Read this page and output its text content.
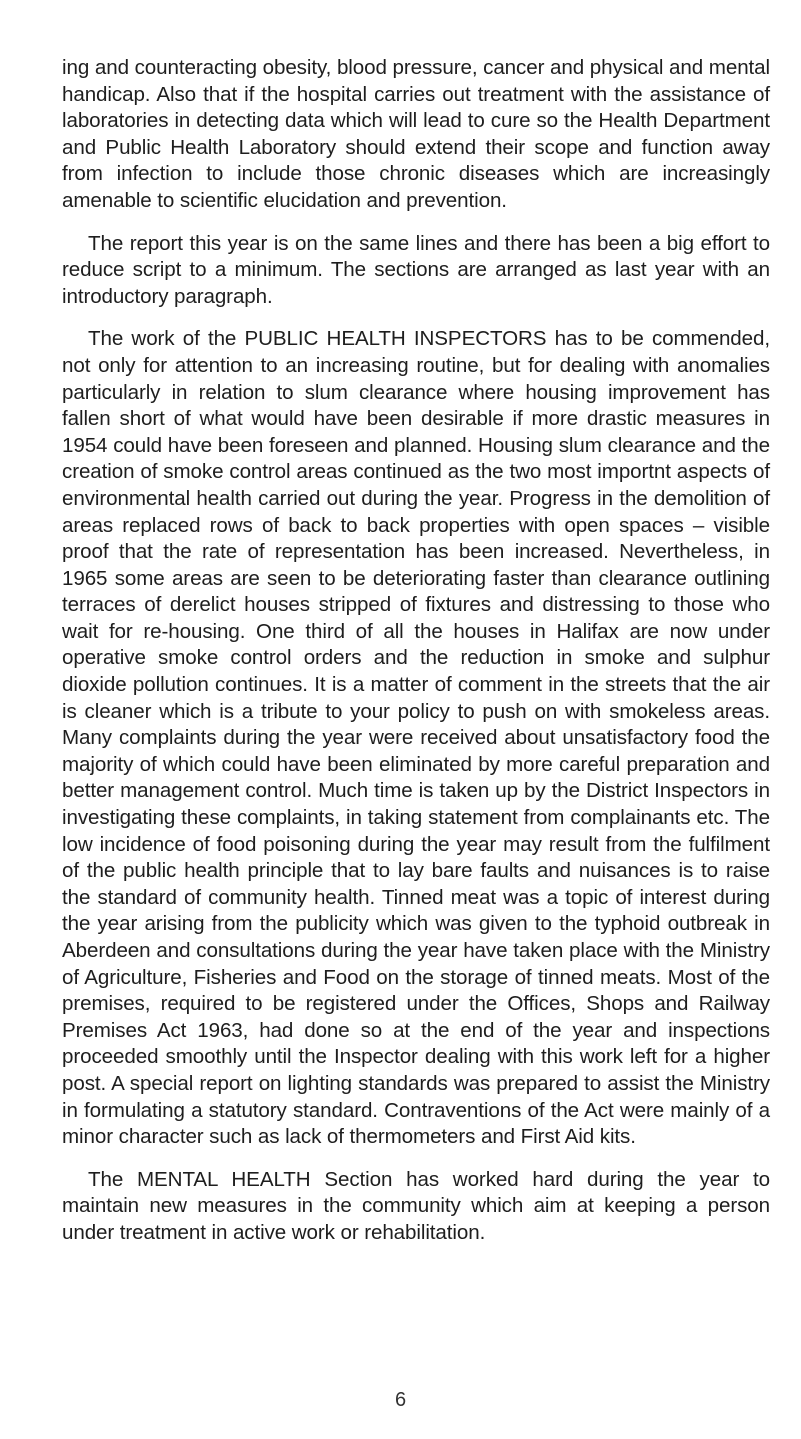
ing and counteracting obesity, blood pressure, cancer and physical and mental handicap. Also that if the hospital carries out treatment with the assistance of laboratories in detecting data which will lead to cure so the Health Department and Public Health Laboratory should extend their scope and function away from infection to include those chronic diseases which are increasingly amenable to scientific elucidation and prevention.

The report this year is on the same lines and there has been a big effort to reduce script to a minimum. The sections are arranged as last year with an introductory paragraph.

The work of the PUBLIC HEALTH INSPECTORS has to be commended, not only for attention to an increasing routine, but for dealing with anomalies particularly in relation to slum clearance where housing improvement has fallen short of what would have been desirable if more drastic measures in 1954 could have been foreseen and planned. Housing slum clearance and the creation of smoke control areas continued as the two most importnt aspects of environmental health carried out during the year. Progress in the demolition of areas replaced rows of back to back properties with open spaces – visible proof that the rate of representation has been increased. Nevertheless, in 1965 some areas are seen to be deteriorating faster than clearance outlining terraces of derelict houses stripped of fixtures and distressing to those who wait for re-housing. One third of all the houses in Halifax are now under operative smoke control orders and the reduction in smoke and sulphur dioxide pollution continues. It is a matter of comment in the streets that the air is cleaner which is a tribute to your policy to push on with smokeless areas. Many complaints during the year were received about unsatisfactory food the majority of which could have been eliminated by more careful preparation and better management control. Much time is taken up by the District Inspectors in investigating these complaints, in taking statement from complainants etc. The low incidence of food poisoning during the year may result from the fulfilment of the public health principle that to lay bare faults and nuisances is to raise the standard of community health. Tinned meat was a topic of interest during the year arising from the publicity which was given to the typhoid outbreak in Aberdeen and consultations during the year have taken place with the Ministry of Agriculture, Fisheries and Food on the storage of tinned meats. Most of the premises, required to be registered under the Offices, Shops and Railway Premises Act 1963, had done so at the end of the year and inspections proceeded smoothly until the Inspector dealing with this work left for a higher post. A special report on lighting standards was prepared to assist the Ministry in formulating a statutory standard. Contraventions of the Act were mainly of a minor character such as lack of thermometers and First Aid kits.

The MENTAL HEALTH Section has worked hard during the year to maintain new measures in the community which aim at keeping a person under treatment in active work or rehabilitation.

6
